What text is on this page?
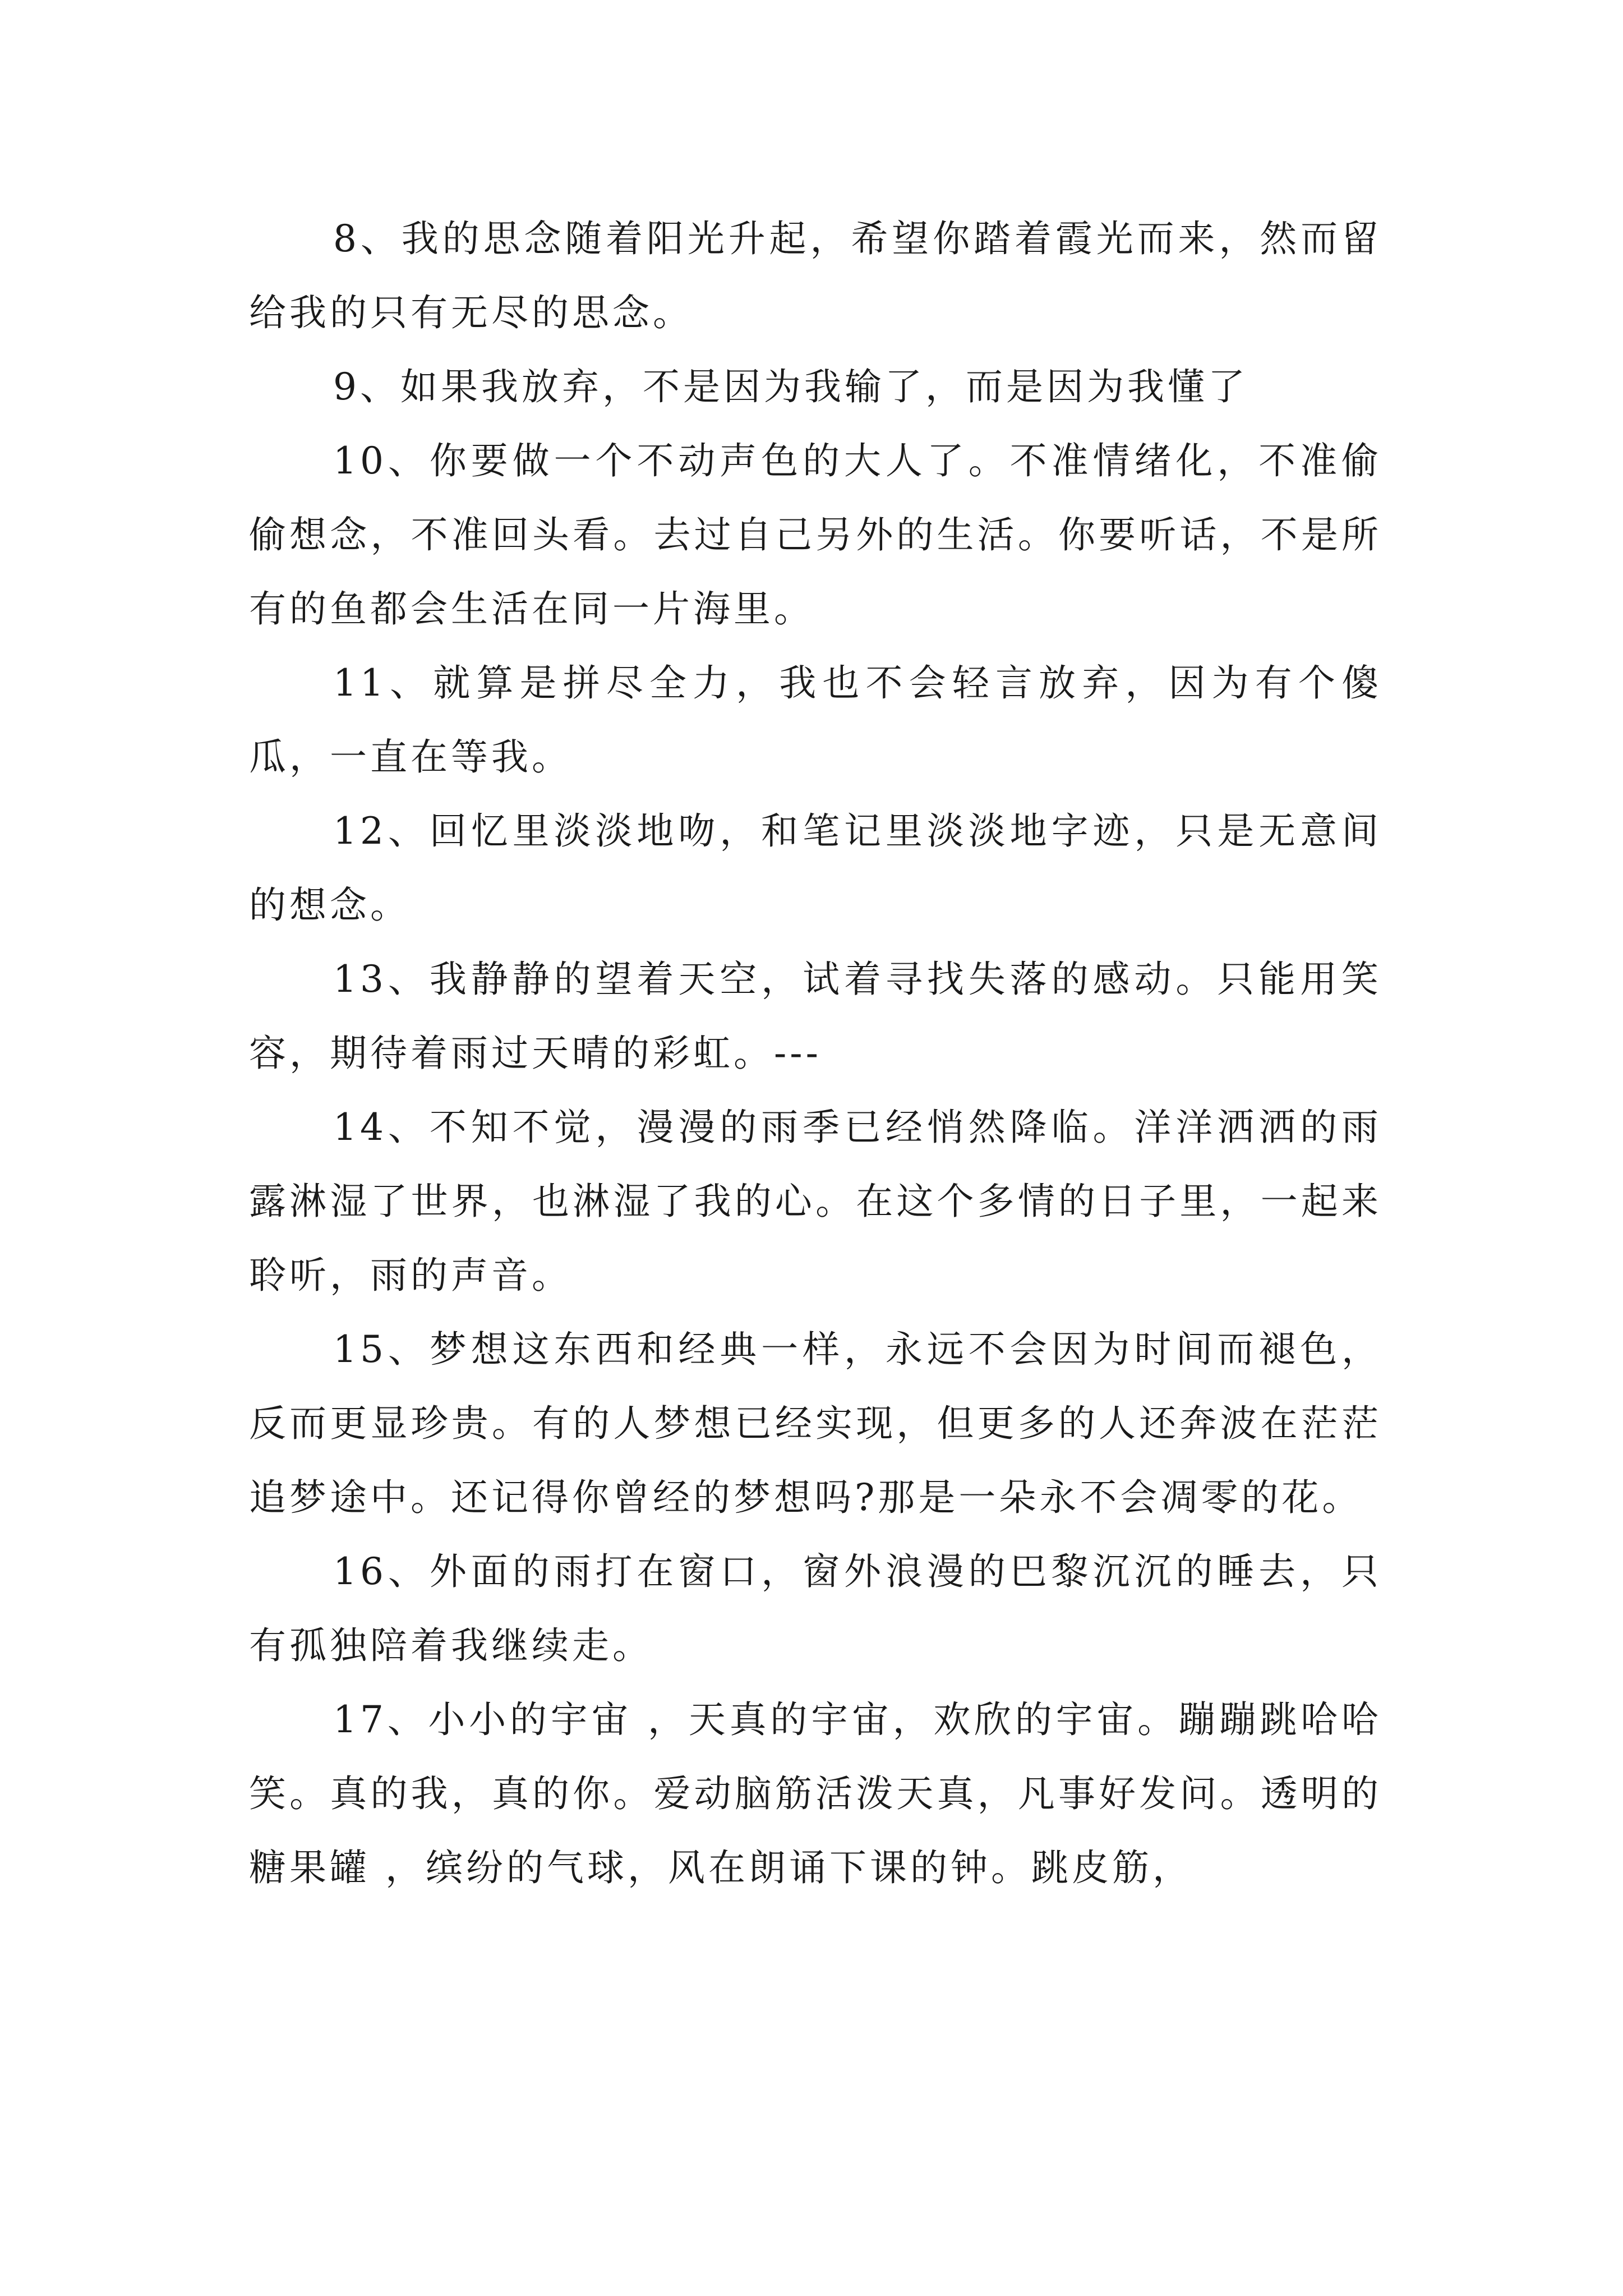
8、我的思念随着阳光升起，希望你踏着霞光而来，然而留给我的只有无尽的思念。

9、如果我放弃，不是因为我输了，而是因为我懂了

10、你要做一个不动声色的大人了。不准情绪化，不准偷偷想念，不准回头看。去过自己另外的生活。你要听话，不是所有的鱼都会生活在同一片海里。

11、就算是拼尽全力，我也不会轻言放弃，因为有个傻瓜，一直在等我。

12、回忆里淡淡地吻，和笔记里淡淡地字迹，只是无意间的想念。

13、我静静的望着天空，试着寻找失落的感动。只能用笑容，期待着雨过天晴的彩虹。---

14、不知不觉，漫漫的雨季已经悄然降临。洋洋洒洒的雨露淋湿了世界，也淋湿了我的心。在这个多情的日子里，一起来聆听，雨的声音。

15、梦想这东西和经典一样，永远不会因为时间而褪色，反而更显珍贵。有的人梦想已经实现，但更多的人还奔波在茫茫追梦途中。还记得你曾经的梦想吗?那是一朵永不会凋零的花。

16、外面的雨打在窗口，窗外浪漫的巴黎沉沉的睡去，只有孤独陪着我继续走。

17、小小的宇宙 ，天真的宇宙，欢欣的宇宙。蹦蹦跳哈哈笑。真的我，真的你。爱动脑筋活泼天真，凡事好发问。透明的糖果罐 ，缤纷的气球，风在朗诵下课的钟。跳皮筋，
